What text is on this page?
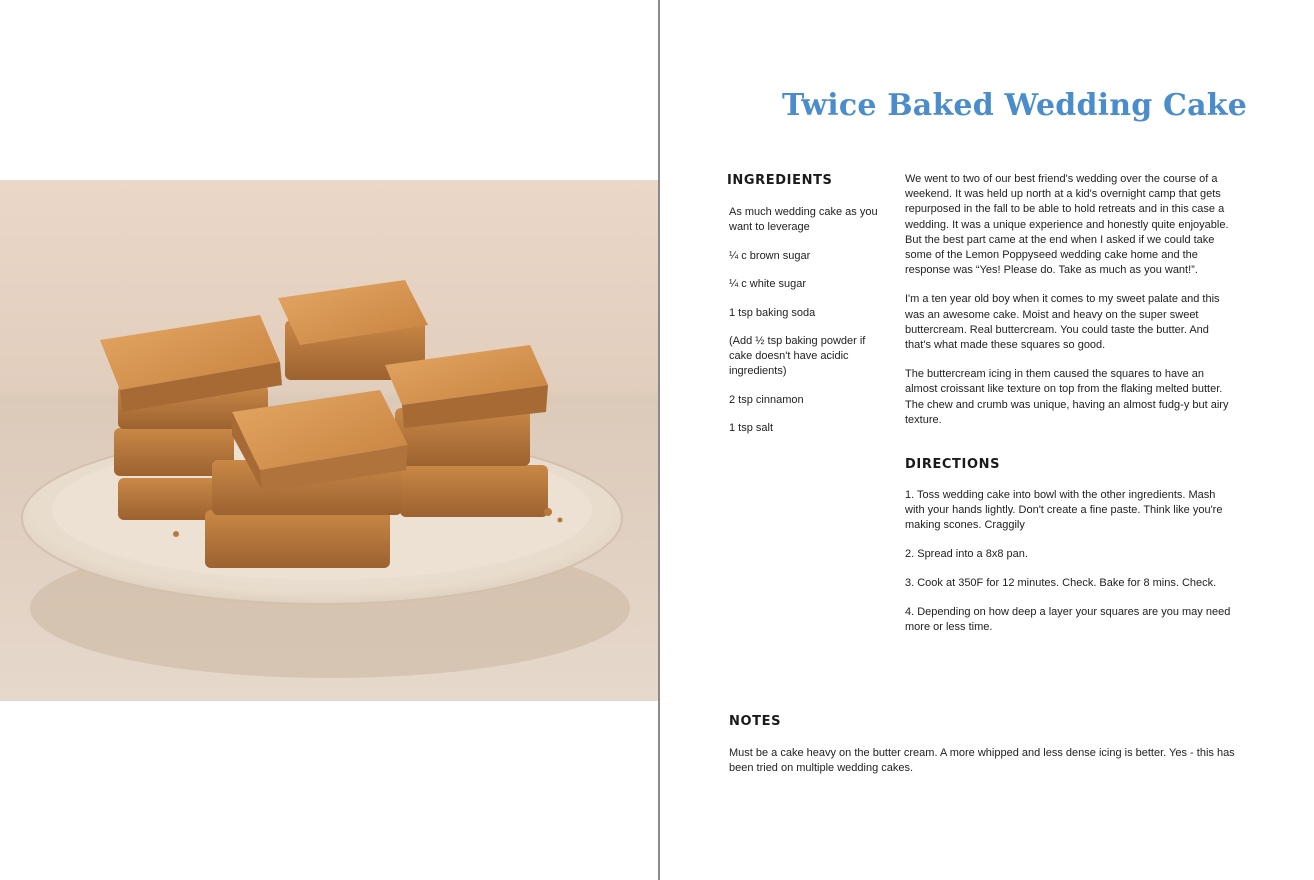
Twice Baked Wedding Cake
INGREDIENTS
As much wedding cake as you want to leverage
¼ c brown sugar
¼ c white sugar
1 tsp baking soda
(Add ½ tsp baking powder if cake doesn't have acidic ingredients)
2 tsp cinnamon
1 tsp salt

We went to two of our best friend's wedding over the course of a weekend. It was held up north at a kid's overnight camp that gets repurposed in the fall to be able to hold retreats and in this case a wedding. It was a unique experience and honestly quite enjoyable. But the best part came at the end when I asked if we could take some of the Lemon Poppyseed wedding cake home and the response was “Yes! Please do. Take as much as you want!”.

I'm a ten year old boy when it comes to my sweet palate and this was an awesome cake. Moist and heavy on the super sweet buttercream. Real buttercream. You could taste the butter. And that's what made these squares so good.

The buttercream icing in them caused the squares to have an almost croissant like texture on top from the flaking melted butter. The chew and crumb was unique, having an almost fudg-y but airy texture.

DIRECTIONS
1. Toss wedding cake into bowl with the other ingredients. Mash with your hands lightly. Don't create a fine paste. Think like you're making scones. Craggily
2. Spread into a 8x8 pan.
3. Cook at 350F for 12 minutes. Check. Bake for 8 mins. Check.
4. Depending on how deep a layer your squares are you may need more or less time.
NOTES

Must be a cake heavy on the butter cream. A more whipped and less dense icing is better. Yes - this has been tried on multiple wedding cakes.
